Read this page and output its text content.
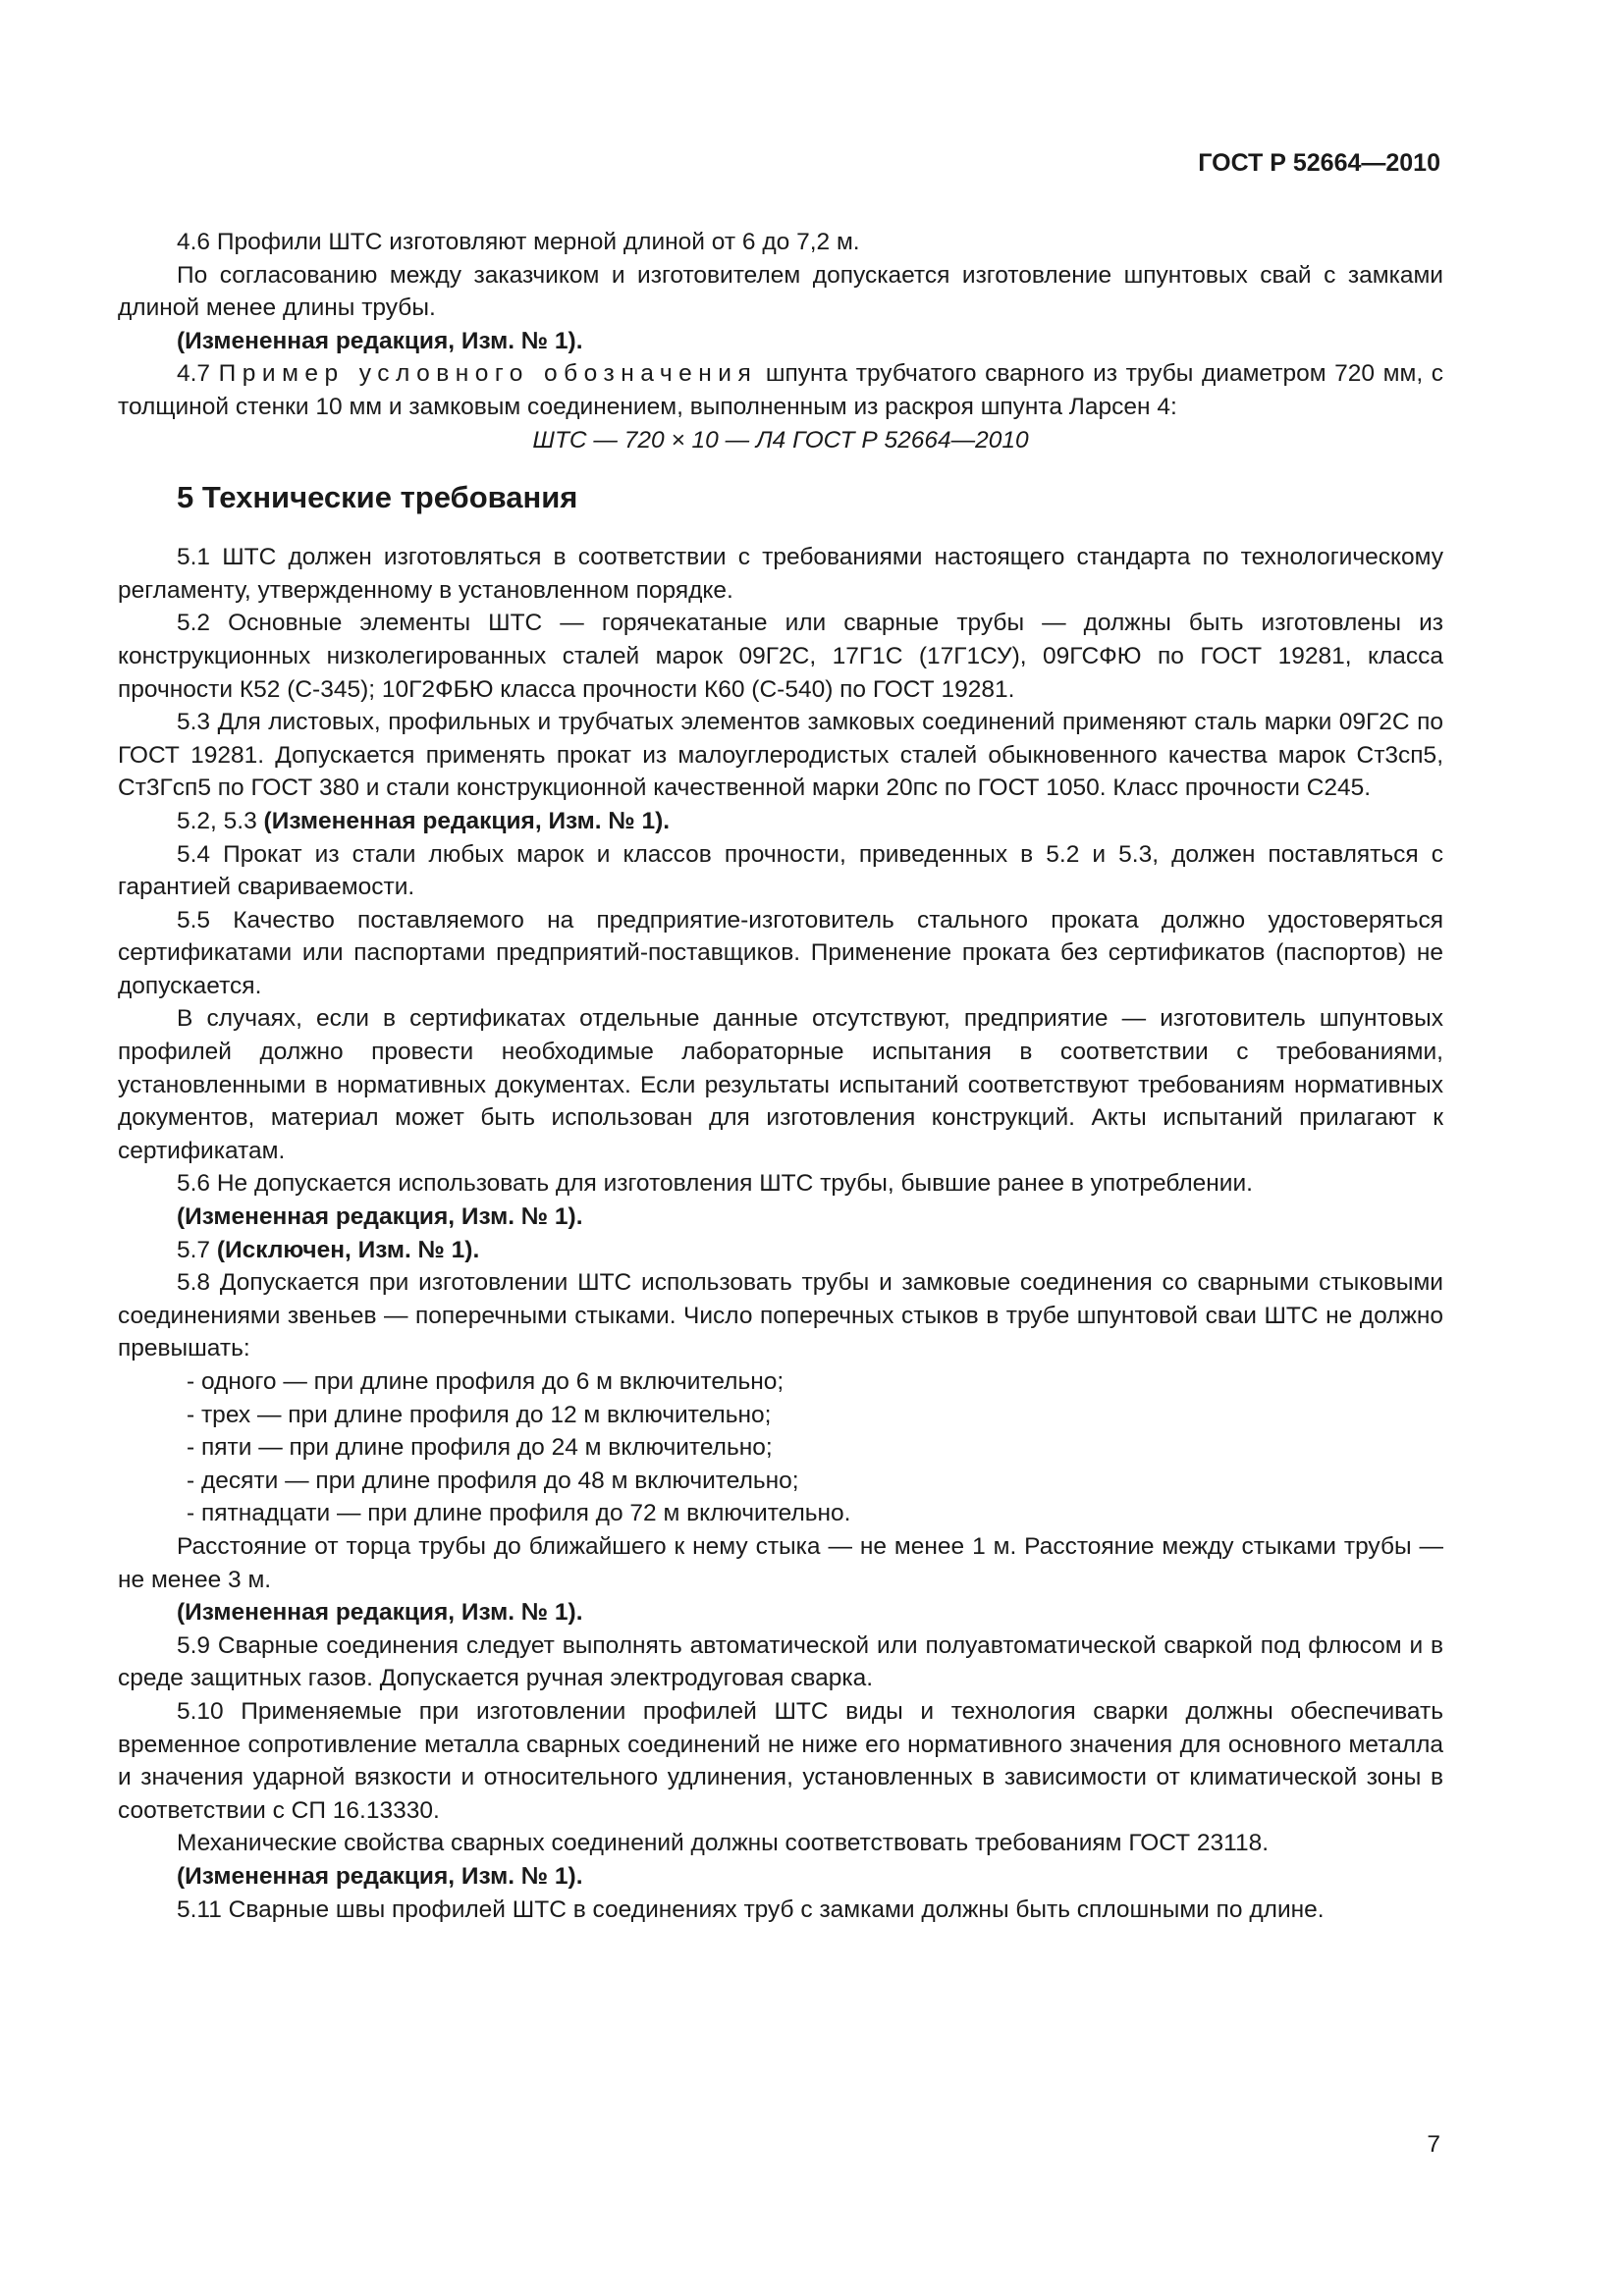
ГОСТ Р 52664—2010

4.6 Профили ШТС изготовляют мерной длиной от 6 до 7,2 м.

По согласованию между заказчиком и изготовителем допускается изготовление шпунтовых свай с замками длиной менее длины трубы.

(Измененная редакция, Изм. № 1).

4.7 Пример условного обозначения шпунта трубчатого сварного из трубы диаметром 720 мм, с толщиной стенки 10 мм и замковым соединением, выполненным из раскроя шпунта Ларсен 4:

ШТС — 720 × 10 — Л4 ГОСТ Р 52664—2010

5 Технические требования

5.1 ШТС должен изготовляться в соответствии с требованиями настоящего стандарта по технологическому регламенту, утвержденному в установленном порядке.

5.2 Основные элементы ШТС — горячекатаные или сварные трубы — должны быть изготовлены из конструкционных низколегированных сталей марок 09Г2С, 17Г1С (17Г1СУ), 09ГСФЮ по ГОСТ 19281, класса прочности К52 (С-345); 10Г2ФБЮ класса прочности К60 (С-540) по ГОСТ 19281.

5.3 Для листовых, профильных и трубчатых элементов замковых соединений применяют сталь марки 09Г2С по ГОСТ 19281. Допускается применять прокат из малоуглеродистых сталей обыкновенного качества марок Ст3сп5, Ст3Гсп5 по ГОСТ 380 и стали конструкционной качественной марки 20пс по ГОСТ 1050. Класс прочности С245.

5.2, 5.3 (Измененная редакция, Изм. № 1).

5.4 Прокат из стали любых марок и классов прочности, приведенных в 5.2 и 5.3, должен поставляться с гарантией свариваемости.

5.5 Качество поставляемого на предприятие-изготовитель стального проката должно удостоверяться сертификатами или паспортами предприятий-поставщиков. Применение проката без сертификатов (паспортов) не допускается.

В случаях, если в сертификатах отдельные данные отсутствуют, предприятие — изготовитель шпунтовых профилей должно провести необходимые лабораторные испытания в соответствии с требованиями, установленными в нормативных документах. Если результаты испытаний соответствуют требованиям нормативных документов, материал может быть использован для изготовления конструкций. Акты испытаний прилагают к сертификатам.

5.6 Не допускается использовать для изготовления ШТС трубы, бывшие ранее в употреблении.

(Измененная редакция, Изм. № 1).

5.7 (Исключен, Изм. № 1).

5.8 Допускается при изготовлении ШТС использовать трубы и замковые соединения со сварными стыковыми соединениями звеньев — поперечными стыками. Число поперечных стыков в трубе шпунтовой сваи ШТС не должно превышать:

- одного — при длине профиля до 6 м включительно;

- трех — при длине профиля до 12 м включительно;

- пяти — при длине профиля до 24 м включительно;

- десяти — при длине профиля до 48 м включительно;

- пятнадцати — при длине профиля до 72 м включительно.

Расстояние от торца трубы до ближайшего к нему стыка — не менее 1 м. Расстояние между стыками трубы — не менее 3 м.

(Измененная редакция, Изм. № 1).

5.9 Сварные соединения следует выполнять автоматической или полуавтоматической сваркой под флюсом и в среде защитных газов. Допускается ручная электродуговая сварка.

5.10 Применяемые при изготовлении профилей ШТС виды и технология сварки должны обеспечивать временное сопротивление металла сварных соединений не ниже его нормативного значения для основного металла и значения ударной вязкости и относительного удлинения, установленных в зависимости от климатической зоны в соответствии с СП 16.13330.

Механические свойства сварных соединений должны соответствовать требованиям ГОСТ 23118.

(Измененная редакция, Изм. № 1).

5.11 Сварные швы профилей ШТС в соединениях труб с замками должны быть сплошными по длине.

7
